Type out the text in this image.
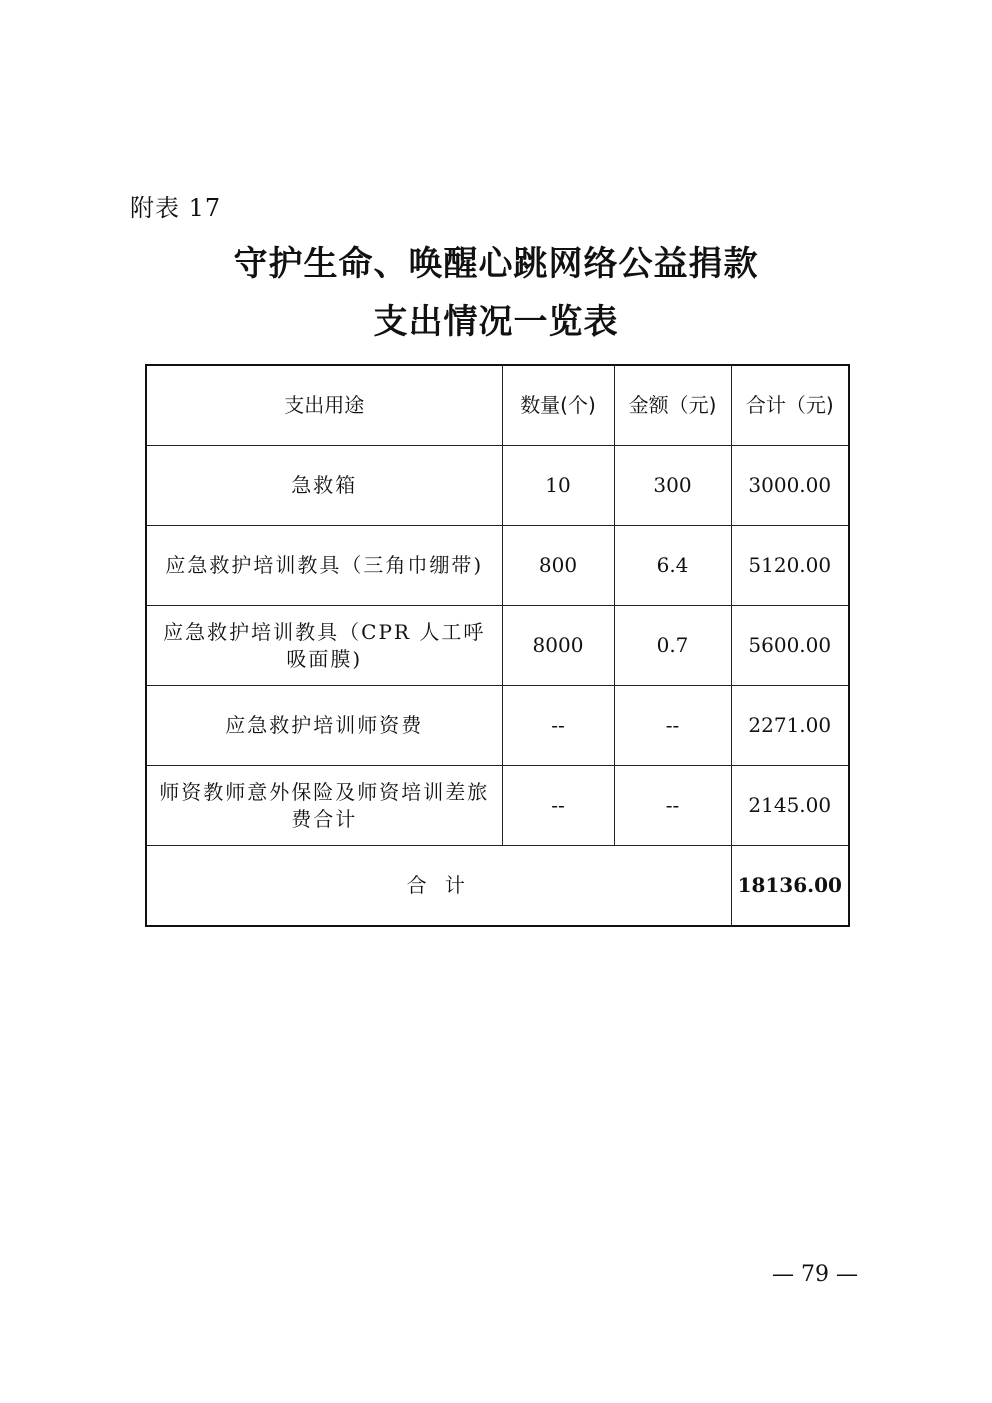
附表 17
守护生命、唤醒心跳网络公益捐款
支出情况一览表
支出用途	数量(个)	金额（元)	合计（元)
急救箱	10	300	3000.00
应急救护培训教具（三角巾绷带)	800	6.4	5120.00
应急救护培训教具（CPR 人工呼吸面膜)	8000	0.7	5600.00
应急救护培训师资费	--	--	2271.00
师资教师意外保险及师资培训差旅费合计	--	--	2145.00
合 计			18136.00
— 79 —
